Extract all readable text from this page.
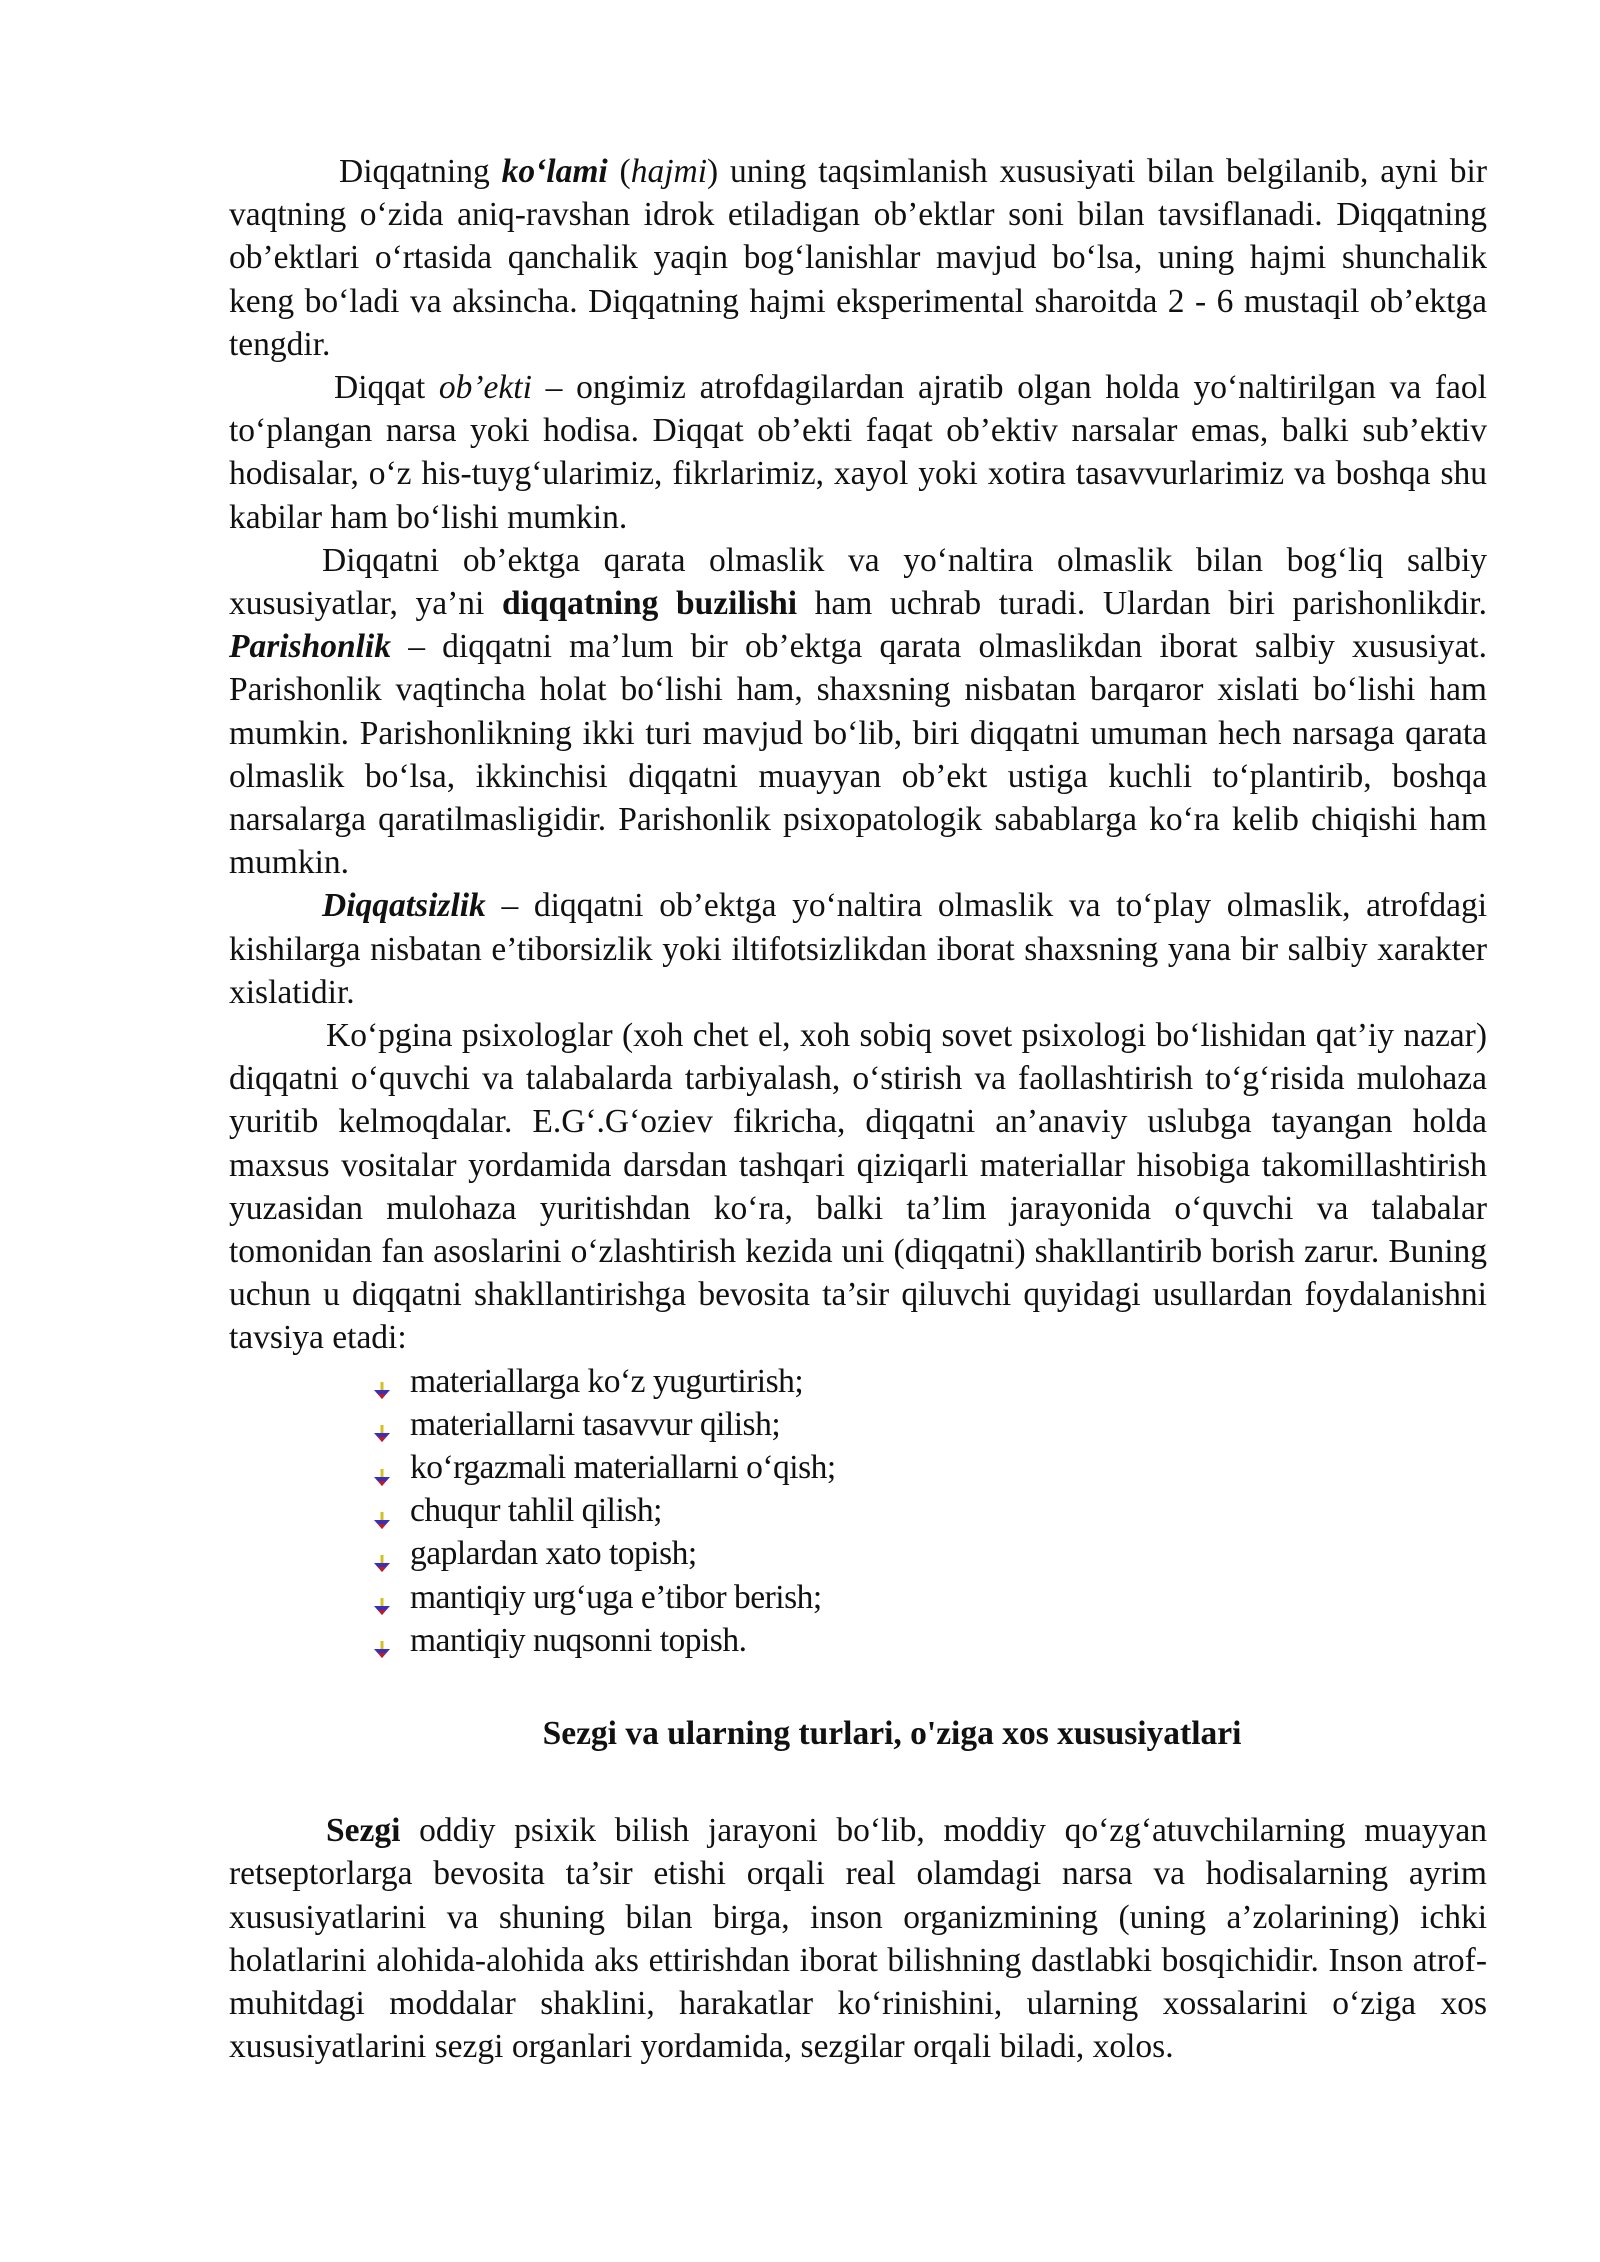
Diqqatning ko‘lami (hajmi) uning taqsimlanish xususiyati bilan belgilanib, ayni bir vaqtning o‘zida aniq-ravshan idrok etiladigan ob’ektlar soni bilan tavsiflanadi. Diqqatning ob’ektlari o‘rtasida qanchalik yaqin bog‘lanishlar mavjud bo‘lsa, uning hajmi shunchalik keng bo‘ladi va aksincha. Diqqatning hajmi eksperimental sharoitda 2 - 6 mustaqil ob’ektga tengdir.

Diqqat ob’ekti – ongimiz atrofdagilardan ajratib olgan holda yo‘naltirilgan va faol to‘plangan narsa yoki hodisa. Diqqat ob’ekti faqat ob’ektiv narsalar emas, balki sub’ektiv hodisalar, o‘z his-tuyg‘ularimiz, fikrlarimiz, xayol yoki xotira tasavvurlarimiz va boshqa shu kabilar ham bo‘lishi mumkin.

Diqqatni ob’ektga qarata olmaslik va yo‘naltira olmaslik bilan bog‘liq salbiy xususiyatlar, ya’ni diqqatning buzilishi ham uchrab turadi. Ulardan biri parishonlikdir. Parishonlik – diqqatni ma’lum bir ob’ektga qarata olmaslikdan iborat salbiy xususiyat. Parishonlik vaqtincha holat bo‘lishi ham, shaxsning nisbatan barqaror xislati bo‘lishi ham mumkin. Parishonlikning ikki turi mavjud bo‘lib, biri diqqatni umuman hech narsaga qarata olmaslik bo‘lsa, ikkinchisi diqqatni muayyan ob’ekt ustiga kuchli to‘plantirib, boshqa narsalarga qaratilmasligidir. Parishonlik psixopatologik sabablarga ko‘ra kelib chiqishi ham mumkin.

Diqqatsizlik – diqqatni ob’ektga yo‘naltira olmaslik va to‘play olmaslik, atrofdagi kishilarga nisbatan e’tiborsizlik yoki iltifotsizlikdan iborat shaxsning yana bir salbiy xarakter xislatidir.

Ko‘pgina psixologlar (xoh chet el, xoh sobiq sovet psixologi bo‘lishidan qat’iy nazar) diqqatni o‘quvchi va talabalarda tarbiyalash, o‘stirish va faollashtirish to‘g‘risida mulohaza yuritib kelmoqdalar. E.G‘.G‘oziev fikricha, diqqatni an’anaviy uslubga tayangan holda maxsus vositalar yordamida darsdan tashqari qiziqarli materiallar hisobiga takomillashtirish yuzasidan mulohaza yuritishdan ko‘ra, balki ta’lim jarayonida o‘quvchi va talabalar tomonidan fan asoslarini o‘zlashtirish kezida uni (diqqatni) shakllantirib borish zarur. Buning uchun u diqqatni shakllantirishga bevosita ta’sir qiluvchi quyidagi usullardan foydalanishni tavsiya etadi:

materiallarga ko‘z yugurtirish;
materiallarni tasavvur qilish;
ko‘rgazmali materiallarni o‘qish;
chuqur tahlil qilish;
gaplardan xato topish;
mantiqiy urg‘uga e’tibor berish;
mantiqiy nuqsonni topish.

Sezgi va ularning turlari, o'ziga xos xususiyatlari

Sezgi oddiy psixik bilish jarayoni bo‘lib, moddiy qo‘zg‘atuvchilarning muayyan retseptorlarga bevosita ta’sir etishi orqali real olamdagi narsa va hodisalarning ayrim xususiyatlarini va shuning bilan birga, inson organizmining (uning a’zolarining) ichki holatlarini alohida-alohida aks ettirishdan iborat bilishning dastlabki bosqichidir. Inson atrof-muhitdagi moddalar shaklini, harakatlar ko‘rinishini, ularning xossalarini o‘ziga xos xususiyatlarini sezgi organlari yordamida, sezgilar orqali biladi, xolos.
